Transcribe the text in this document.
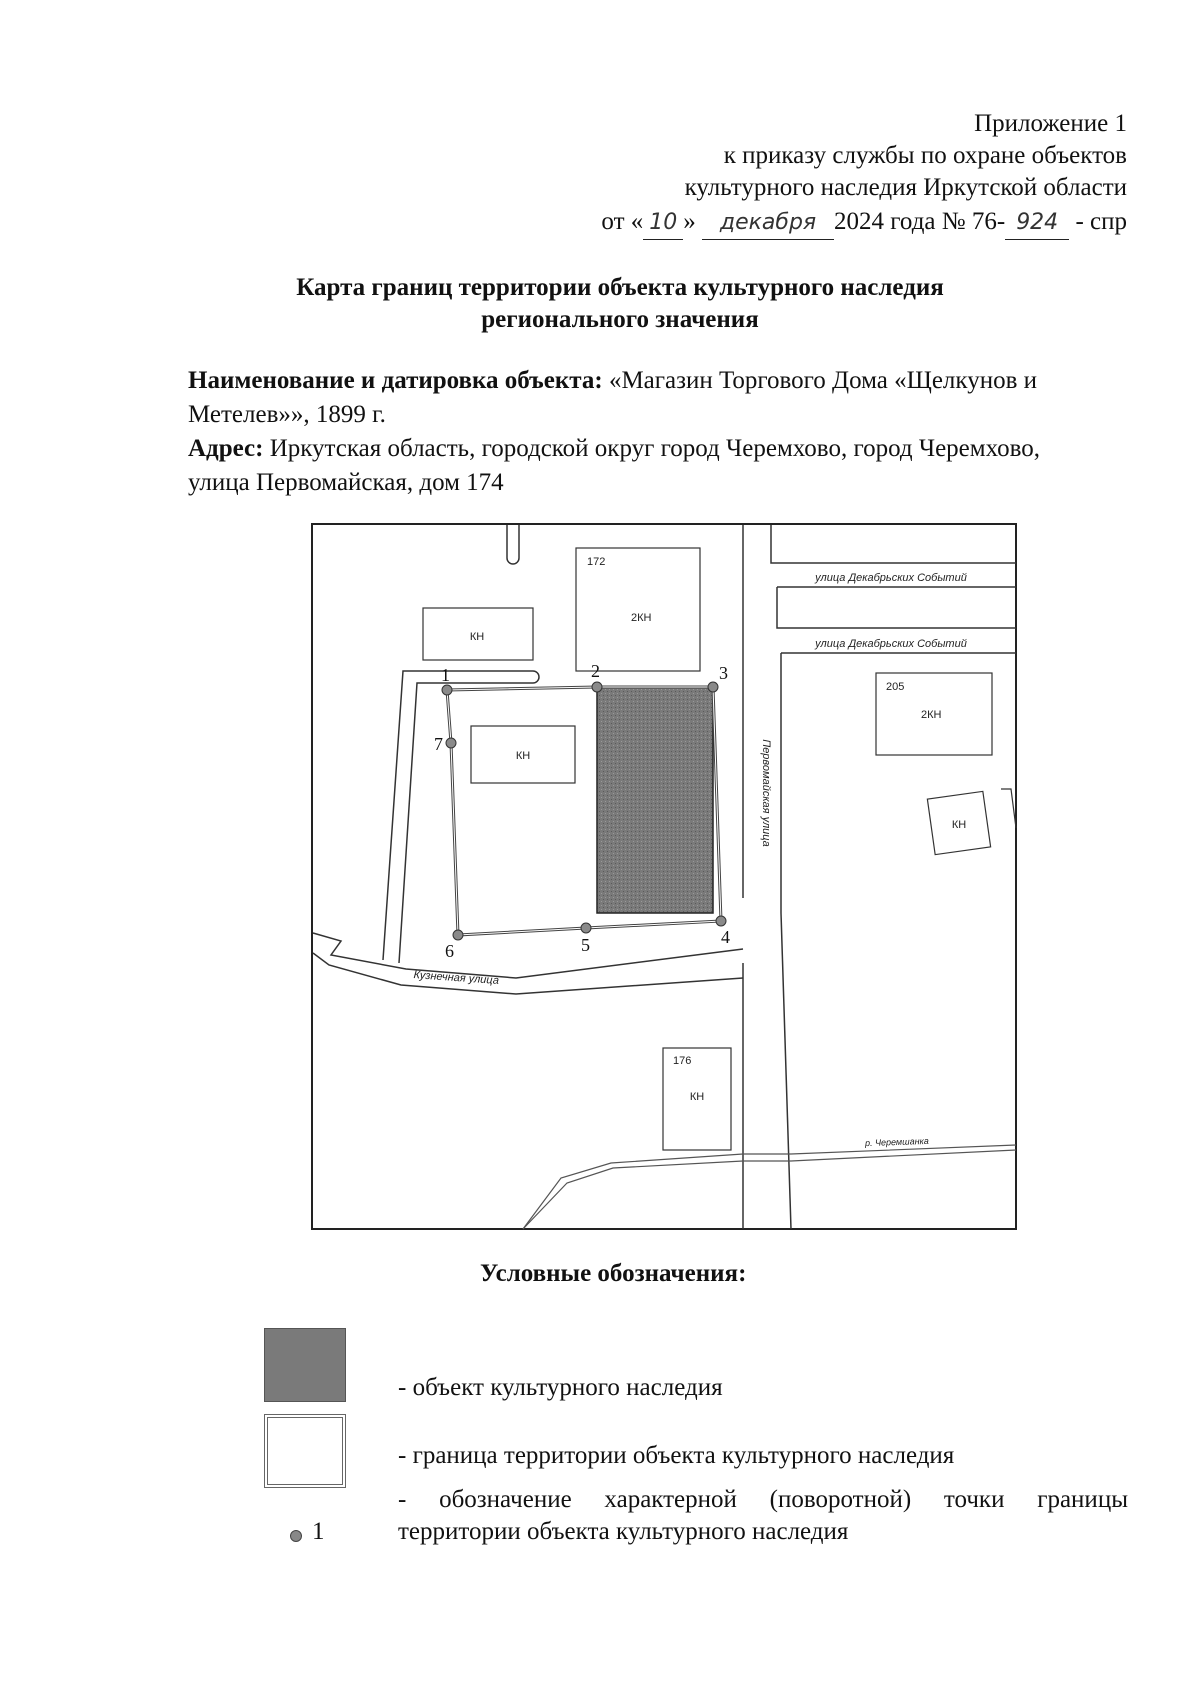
Приложение 1
к приказу службы по охране объектов
культурного наследия Иркутской области
от « 10 » декабря 2024 года № 76- 924 - спр
Карта границ территории объекта культурного наследия
регионального значения
Наименование и датировка объекта: «Магазин Торгового Дома «Щелкунов и
Метелев»», 1899 г.
Адрес: Иркутская область, городской округ город Черемхово, город Черемхово,
улица Первомайская, дом 174
172
2КН
КН
КН
205
2КН
КН
176
КН
1	2	3
4
5
6
7
улица Декабрьских Событий
улица Декабрьских Событий
Первомайская улица
Кузнечная улица
р. Черемшанка
Условные обозначения:
- объект культурного наследия
- граница территории объекта культурного наследия
1
- обозначение характерной (поворотной) точки границы
территории объекта культурного наследия
